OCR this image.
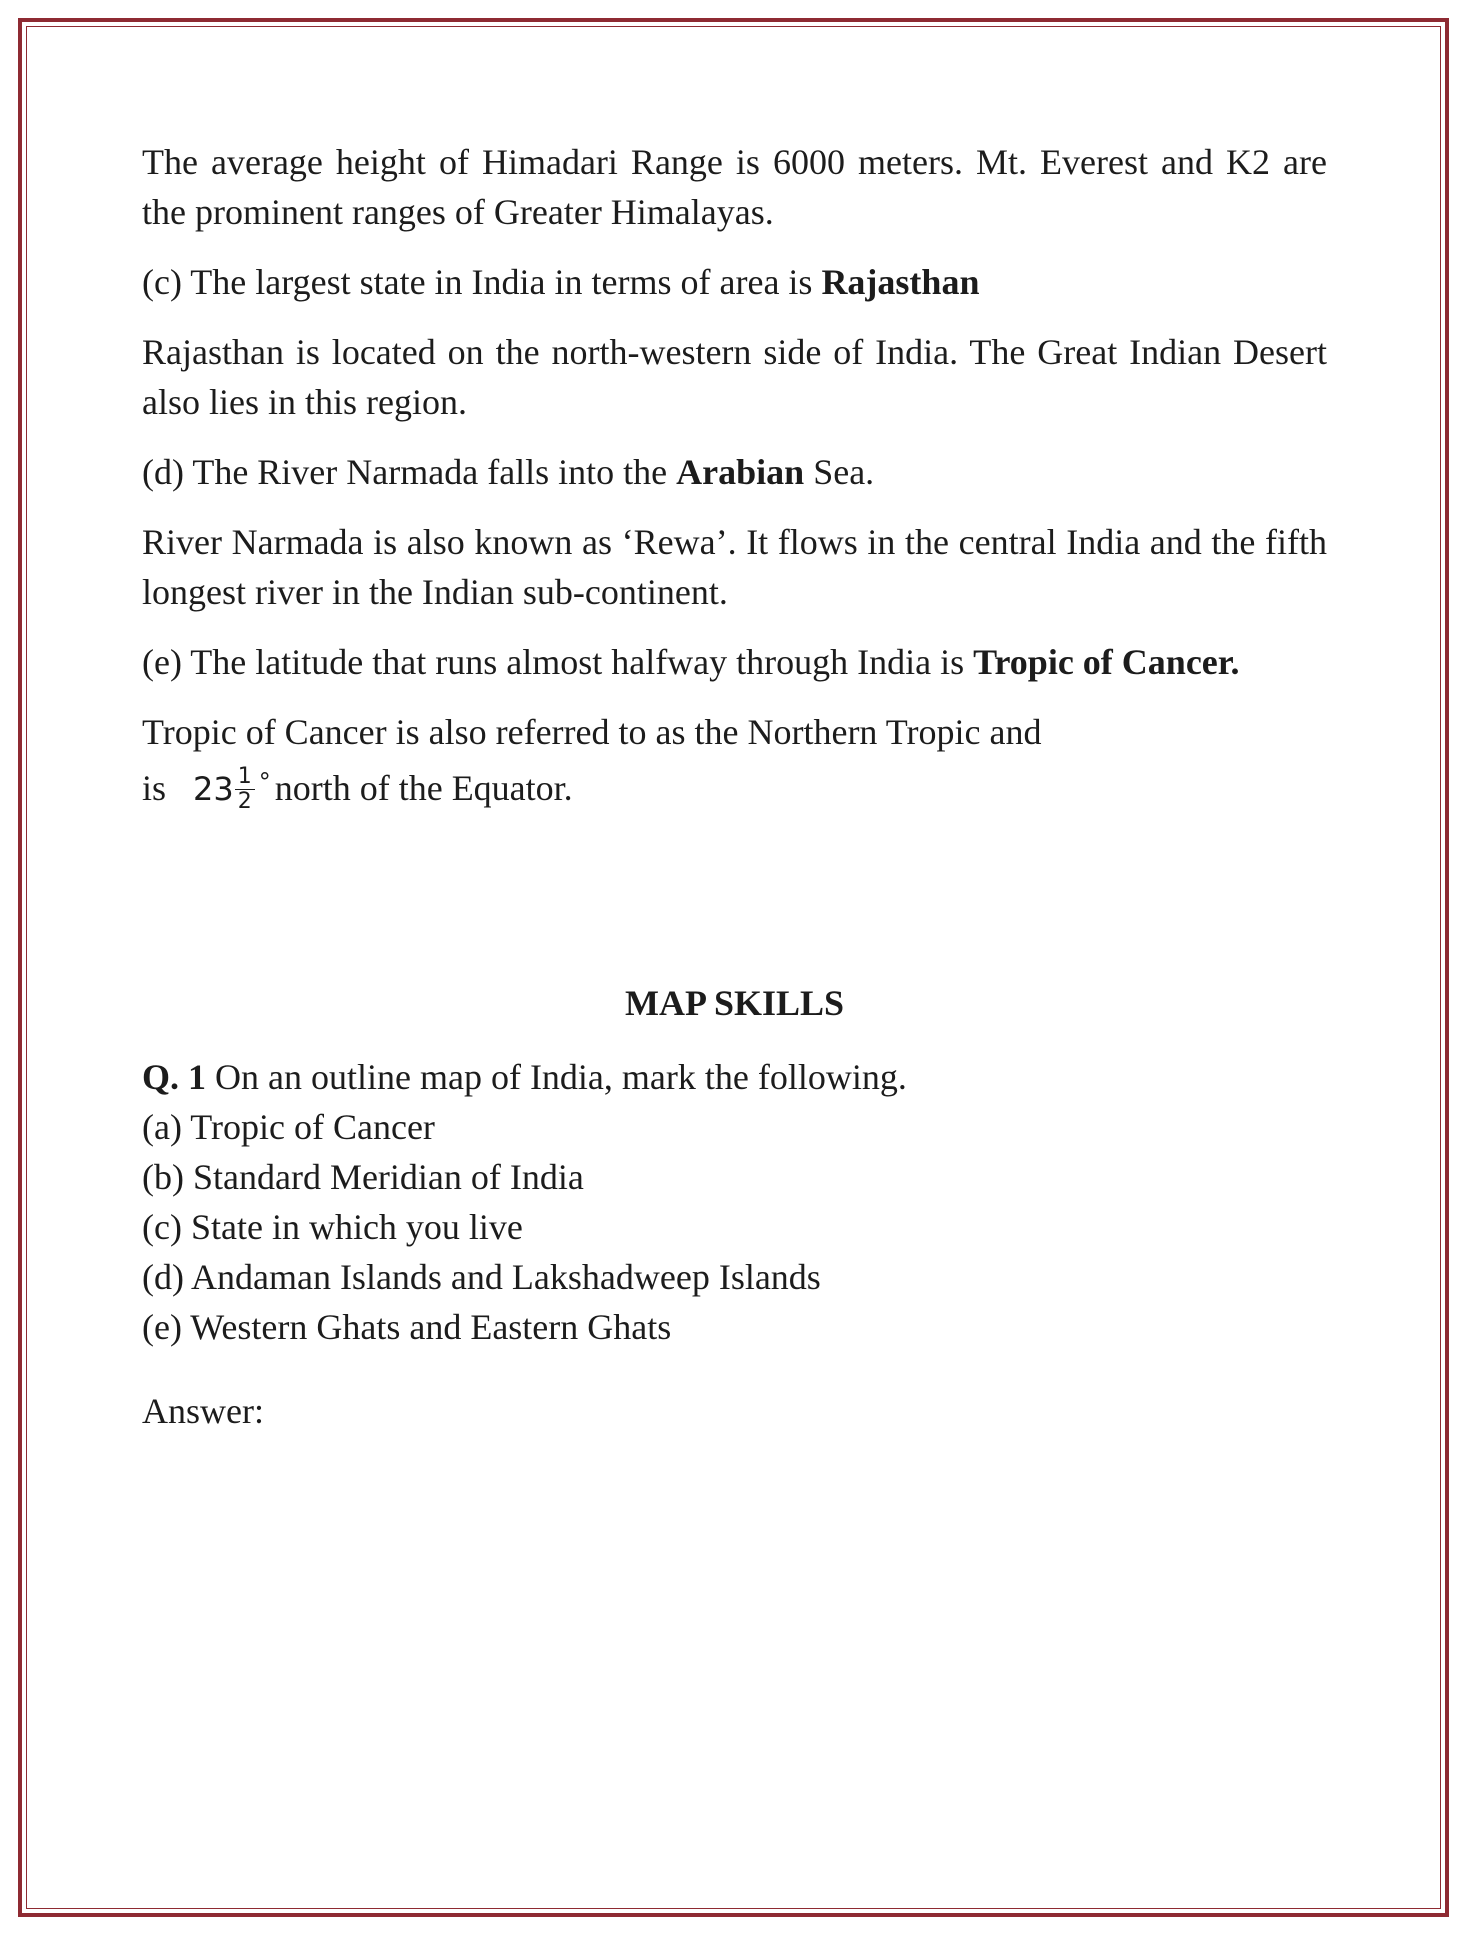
The average height of Himadari Range is 6000 meters. Mt. Everest and K2 are the prominent ranges of Greater Himalayas.

(c) The largest state in India in terms of area is Rajasthan

Rajasthan is located on the north-western side of India. The Great Indian Desert also lies in this region.

(d) The River Narmada falls into the Arabian Sea.

River Narmada is also known as ‘Rewa’. It flows in the central India and the fifth longest river in the Indian sub-continent.

(e) The latitude that runs almost halfway through India is Tropic of Cancer.

Tropic of Cancer is also referred to as the Northern Tropic and
is $23 \frac{1}{2} ^\circ$ north of the Equator.

MAP SKILLS

Q. 1 On an outline map of India, mark the following.

(a) Tropic of Cancer

(b) Standard Meridian of India

(c) State in which you live

(d) Andaman Islands and Lakshadweep Islands

(e) Western Ghats and Eastern Ghats

Answer:
